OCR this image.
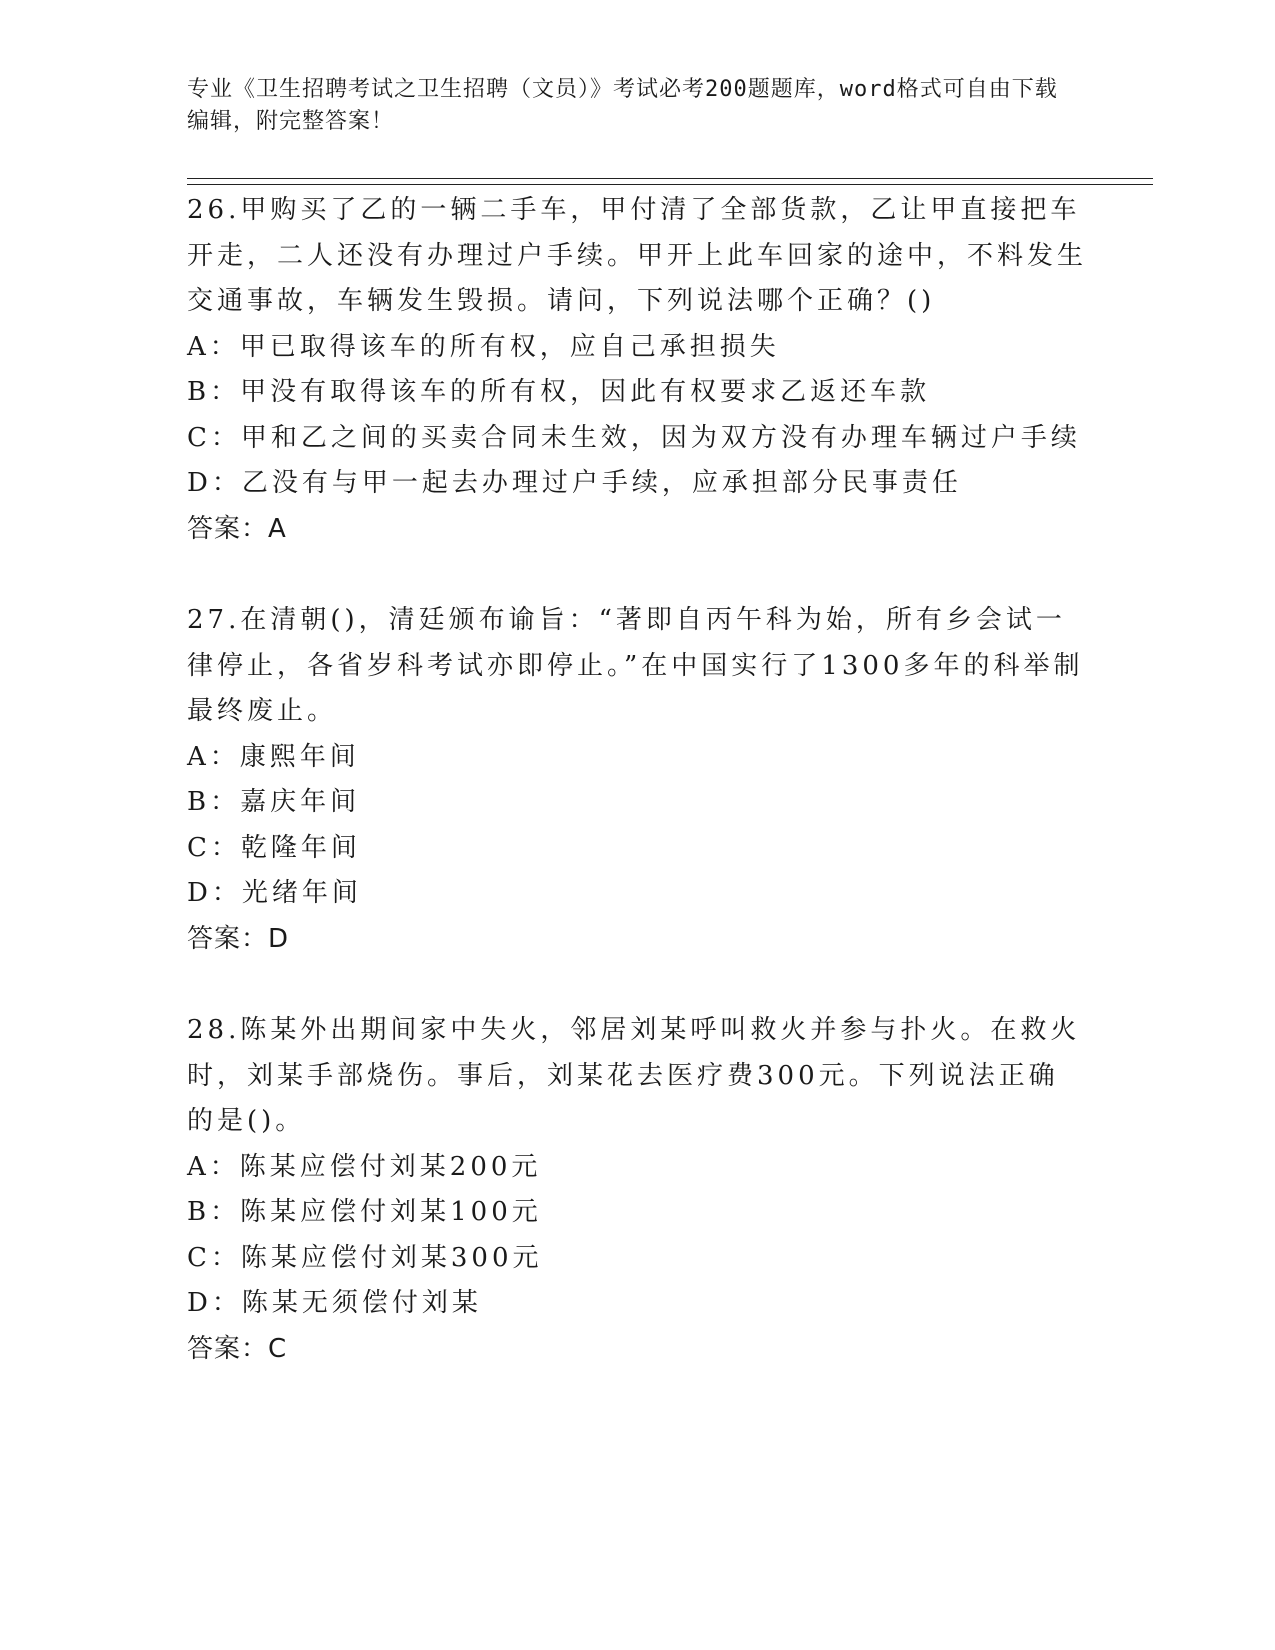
专业《卫生招聘考试之卫生招聘（文员）》考试必考200题题库，word格式可自由下载编辑，附完整答案！
26.甲购买了乙的一辆二手车，甲付清了全部货款，乙让甲直接把车开走，二人还没有办理过户手续。甲开上此车回家的途中，不料发生交通事故，车辆发生毁损。请问，下列说法哪个正确？()
A：甲已取得该车的所有权，应自己承担损失
B：甲没有取得该车的所有权，因此有权要求乙返还车款
C：甲和乙之间的买卖合同未生效，因为双方没有办理车辆过户手续
D：乙没有与甲一起去办理过户手续，应承担部分民事责任
答案：A
27.在清朝()，清廷颁布谕旨：“著即自丙午科为始，所有乡会试一律停止，各省岁科考试亦即停止。”在中国实行了1300多年的科举制最终废止。
A：康熙年间
B：嘉庆年间
C：乾隆年间
D：光绪年间
答案：D
28.陈某外出期间家中失火，邻居刘某呼叫救火并参与扑火。在救火时，刘某手部烧伤。事后，刘某花去医疗费300元。下列说法正确的是()。
A：陈某应偿付刘某200元
B：陈某应偿付刘某100元
C：陈某应偿付刘某300元
D：陈某无须偿付刘某
答案：C
